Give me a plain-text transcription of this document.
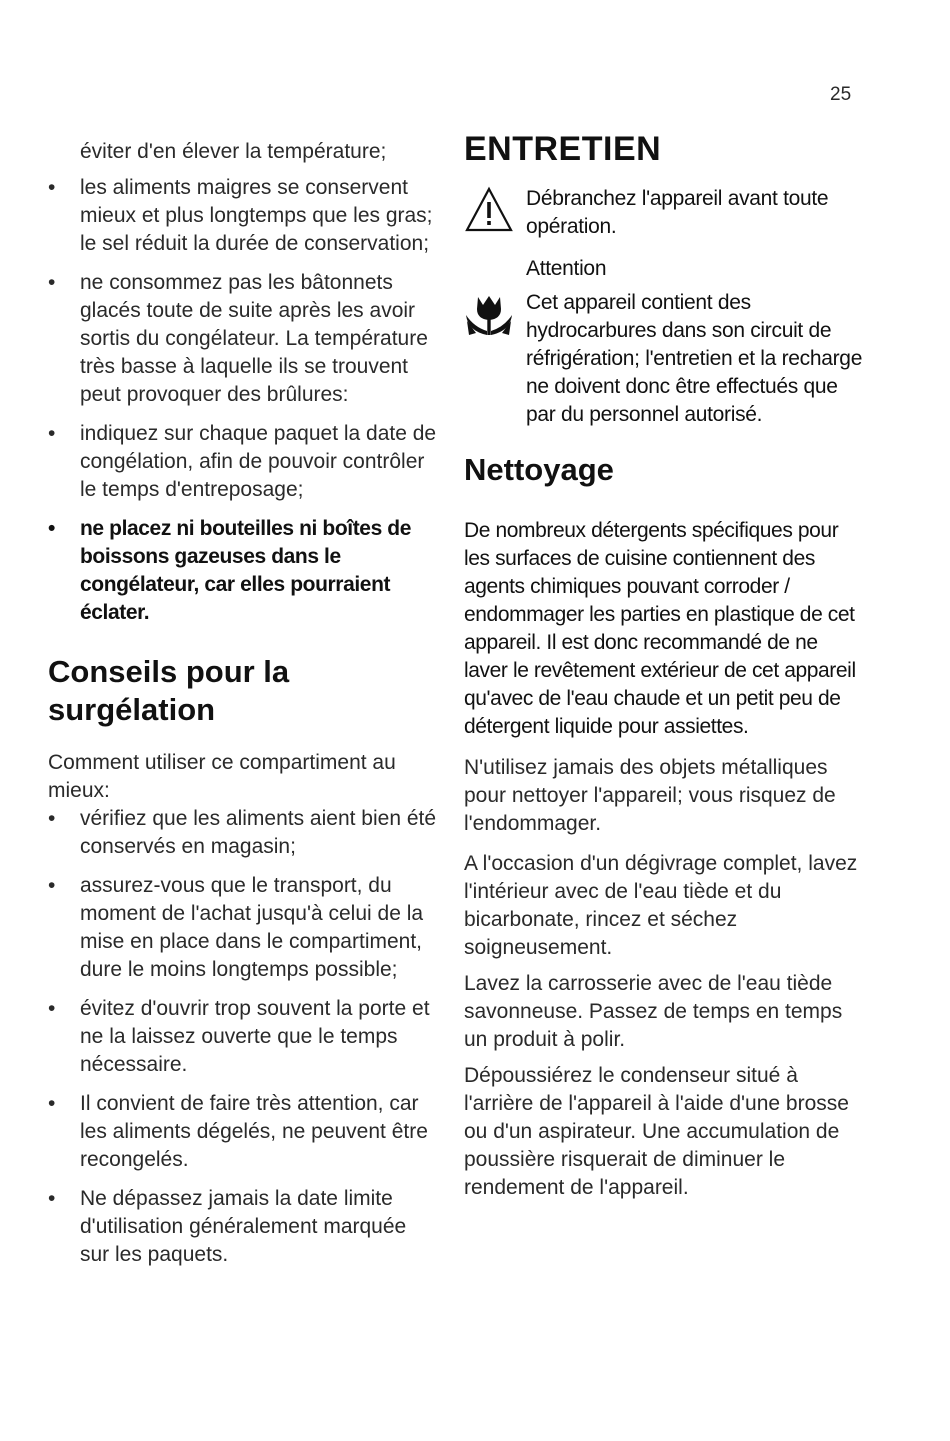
25

éviter d'en élever la température;

• les aliments maigres se conservent mieux et plus longtemps que les gras; le sel réduit la durée de conservation;
• ne consommez pas les bâtonnets glacés toute de suite après les avoir sortis du congélateur. La température très basse à laquelle ils se trouvent peut provoquer des brûlures:
• indiquez sur chaque paquet la date de congélation, afin de pouvoir contrôler le temps d'entreposage;
• ne placez ni bouteilles ni boîtes de boissons gazeuses dans le congélateur, car elles pourraient éclater.
Conseils pour la surgélation

Comment utiliser ce compartiment au mieux:

• vérifiez que les aliments aient bien été conservés en magasin;
• assurez-vous que le transport, du moment de l'achat jusqu'à celui de la mise en place dans le compartiment, dure le moins longtemps possible;
• évitez d'ouvrir trop souvent la porte et ne la laissez ouverte que le temps nécessaire.
• Il convient de faire très attention, car les aliments dégelés, ne peuvent être recongelés.
• Ne dépassez jamais la date limite d'utilisation généralement marquée sur les paquets.
ENTRETIEN
Débranchez l'appareil avant toute opération.
Attention
Cet appareil contient des hydrocarbures dans son circuit de réfrigération; l'entretien et la recharge ne doivent donc être effectués que par du personnel autorisé.
Nettoyage

De nombreux détergents spécifiques pour les surfaces de cuisine contiennent des agents chimiques pouvant corroder / endommager les parties en plastique de cet appareil. Il est donc recommandé de ne laver le revêtement extérieur de cet appareil qu'avec de l'eau chaude et un petit peu de détergent liquide pour assiettes.

N'utilisez jamais des objets métalliques pour nettoyer l'appareil; vous risquez de l'endommager.

A l'occasion d'un dégivrage complet, lavez l'intérieur avec de l'eau tiède et du bicarbonate, rincez et séchez soigneusement.

Lavez la carrosserie avec de l'eau tiède savonneuse. Passez de temps en temps un produit à polir.

Dépoussiérez le condenseur situé à l'arrière de l'appareil à l'aide d'une brosse ou d'un aspirateur. Une accumulation de poussière risquerait de diminuer le rendement de l'appareil.
